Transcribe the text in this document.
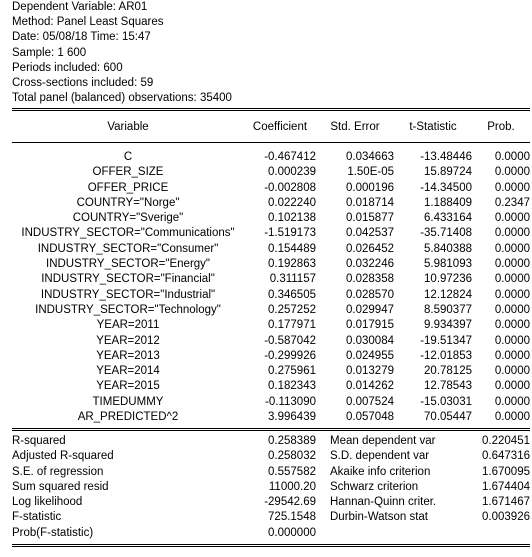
Dependent Variable: AR01
Method: Panel Least Squares
Date: 05/08/18 Time: 15:47
Sample: 1 600
Periods included: 600
Cross-sections included: 59
Total panel (balanced) observations: 35400
Variable	Coefficient	Std. Error	t-Statistic	Prob.
C	-0.467412	0.034663	-13.48446	0.0000
OFFER_SIZE	0.000239	1.50E-05	15.89724	0.0000
OFFER_PRICE	-0.002808	0.000196	-14.34500	0.0000
COUNTRY="Norge"	0.022240	0.018714	1.188409	0.2347
COUNTRY="Sverige"	0.102138	0.015877	6.433164	0.0000
INDUSTRY_SECTOR="Communications"	-1.519173	0.042537	-35.71408	0.0000
INDUSTRY_SECTOR="Consumer"	0.154489	0.026452	5.840388	0.0000
INDUSTRY_SECTOR="Energy"	0.192863	0.032246	5.981093	0.0000
INDUSTRY_SECTOR="Financial"	0.311157	0.028358	10.97236	0.0000
INDUSTRY_SECTOR="Industrial"	0.346505	0.028570	12.12824	0.0000
INDUSTRY_SECTOR="Technology"	0.257252	0.029947	8.590377	0.0000
YEAR=2011	0.177971	0.017915	9.934397	0.0000
YEAR=2012	-0.587042	0.030084	-19.51347	0.0000
YEAR=2013	-0.299926	0.024955	-12.01853	0.0000
YEAR=2014	0.275961	0.013279	20.78125	0.0000
YEAR=2015	0.182343	0.014262	12.78543	0.0000
TIMEDUMMY	-0.113090	0.007524	-15.03031	0.0000
AR_PREDICTED^2	3.996439	0.057048	70.05447	0.0000
R-squared	0.258389		Mean dependent var	0.220451
Adjusted R-squared	0.258032		S.D. dependent var	0.647316
S.E. of regression	0.557582		Akaike info criterion	1.670095
Sum squared resid	11000.20		Schwarz criterion	1.674404
Log likelihood	-29542.69		Hannan-Quinn criter.	1.671467
F-statistic	725.1548		Durbin-Watson stat	0.003926
Prob(F-statistic)	0.000000			
